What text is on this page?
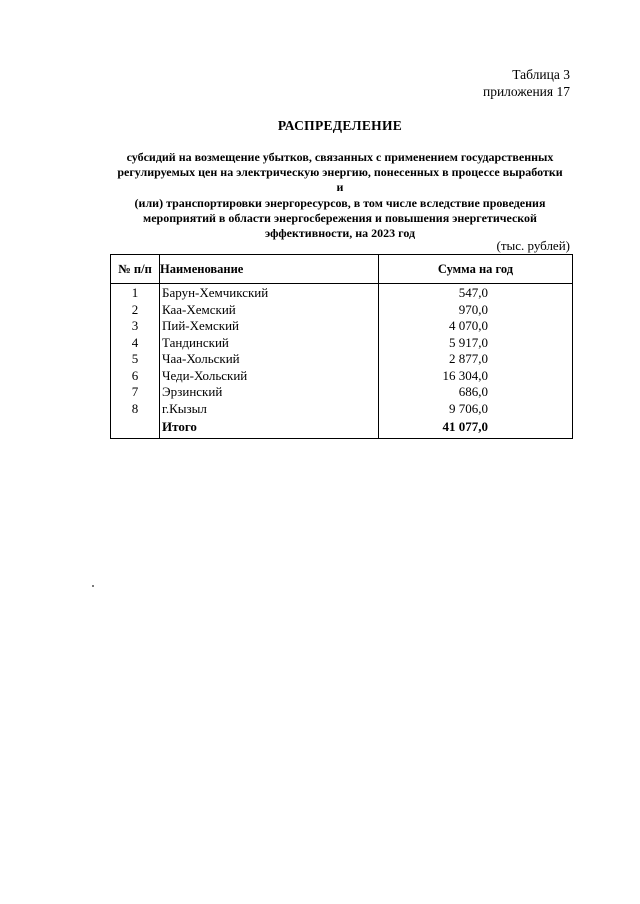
Таблица 3
приложения 17
РАСПРЕДЕЛЕНИЕ
субсидий на возмещение убытков, связанных с применением государственных
регулируемых цен на электрическую энергию, понесенных в процессе выработки и
(или) транспортировки энергоресурсов, в том числе вследствие проведения
мероприятий в области энергосбережения и повышения энергетической
эффективности, на 2023 год
(тыс. рублей)
№ п/п	Наименование	Сумма на год
1	Барун-Хемчикский	547,0
2	Каа-Хемский	970,0
3	Пий-Хемский	4 070,0
4	Тандинский	5 917,0
5	Чаа-Хольский	2 877,0
6	Чеди-Хольский	16 304,0
7	Эрзинский	686,0
8	г.Кызыл	9 706,0
	Итого	41 077,0
